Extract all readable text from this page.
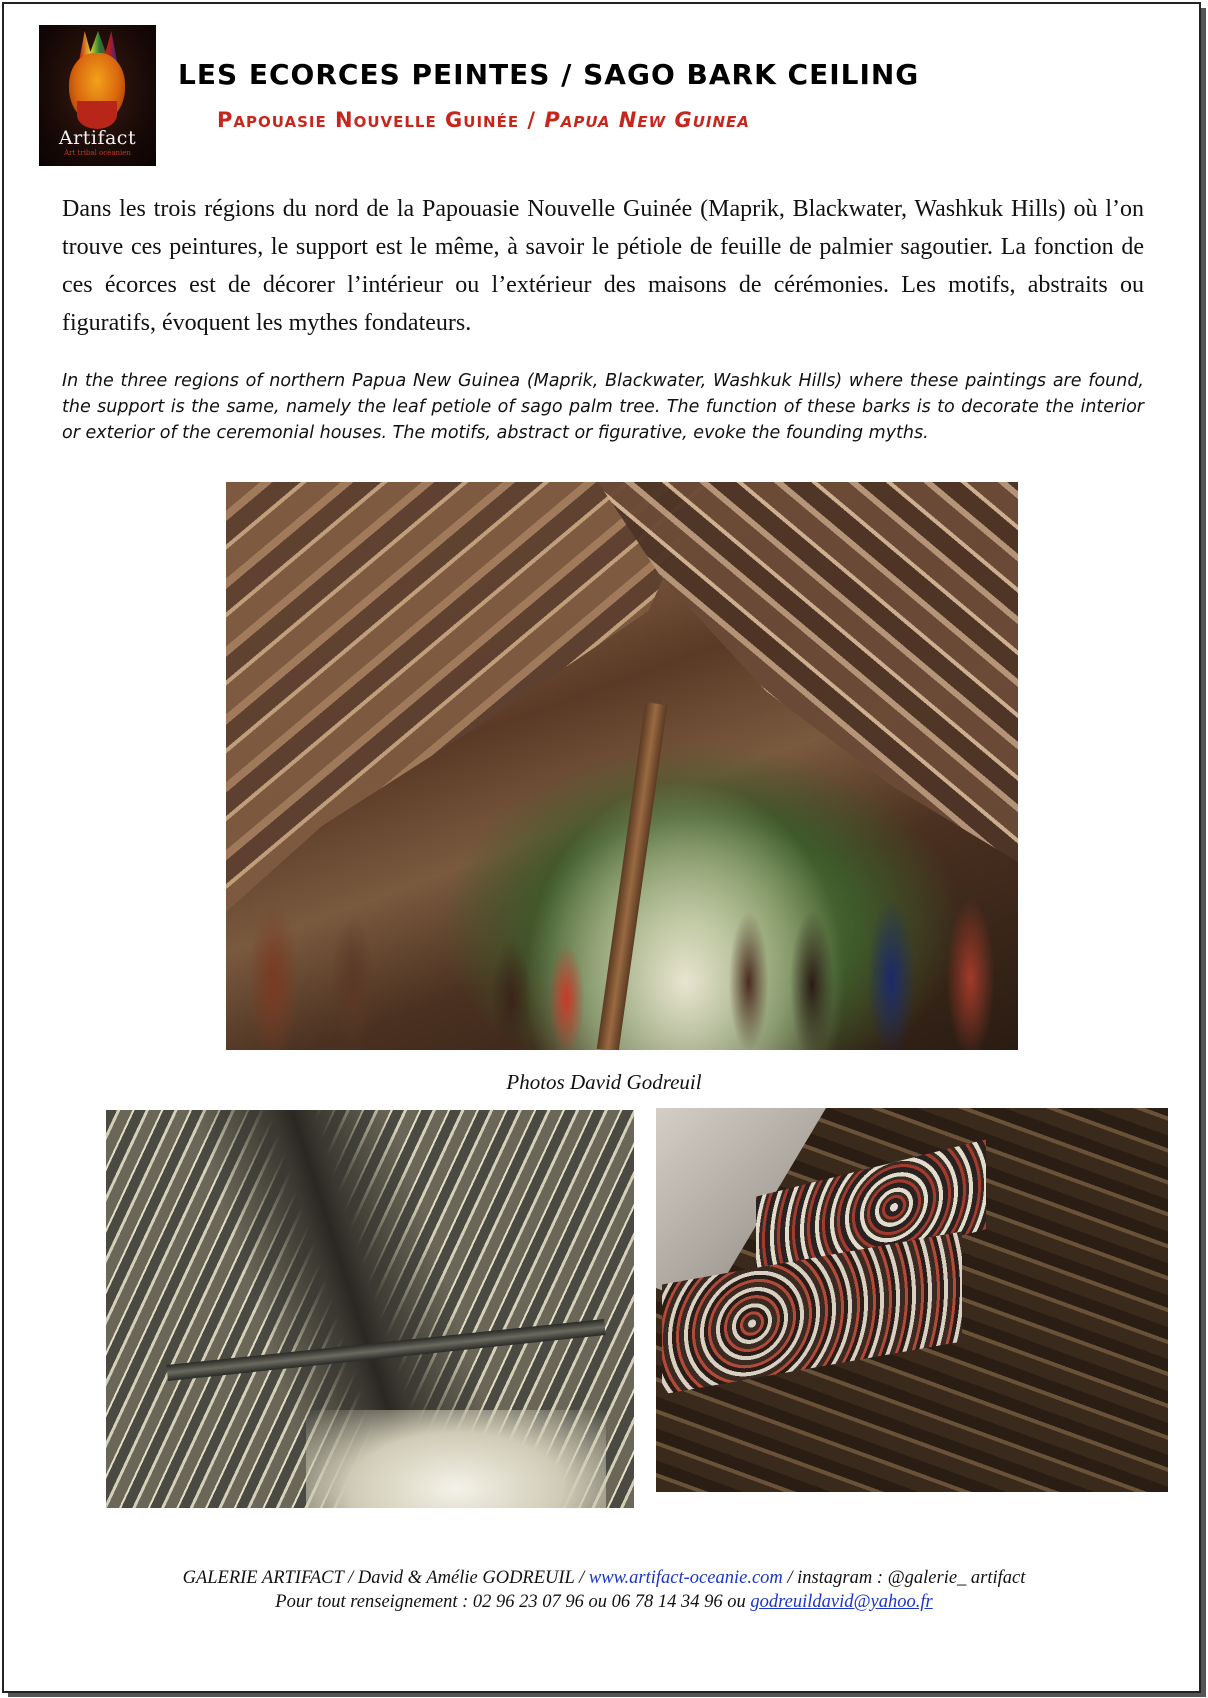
Artifact
Art tribal océanien
LES ECORCES PEINTES / SAGO BARK CEILING
Papouasie Nouvelle Guinée / Papua New Guinea

Dans les trois régions du nord de la Papouasie Nouvelle Guinée (Maprik, Blackwater, Washkuk Hills) où l’on trouve ces peintures, le support est le même, à savoir le pétiole de feuille de palmier sagoutier. La fonction de ces écorces est de décorer l’intérieur ou l’extérieur des maisons de cérémonies. Les motifs, abstraits ou figuratifs, évoquent les mythes fondateurs.

In the three regions of northern Papua New Guinea (Maprik, Blackwater, Washkuk Hills) where these paintings are found, the support is the same, namely the leaf petiole of sago palm tree. The function of these barks is to decorate the interior or exterior of the ceremonial houses. The motifs, abstract or figurative, evoke the founding myths.

Photos David Godreuil

GALERIE ARTIFACT / David & Amélie GODREUIL / www.artifact-oceanie.com / instagram : @galerie_ artifact

Pour tout renseignement : 02 96 23 07 96 ou 06 78 14 34 96 ou godreuildavid@yahoo.fr
